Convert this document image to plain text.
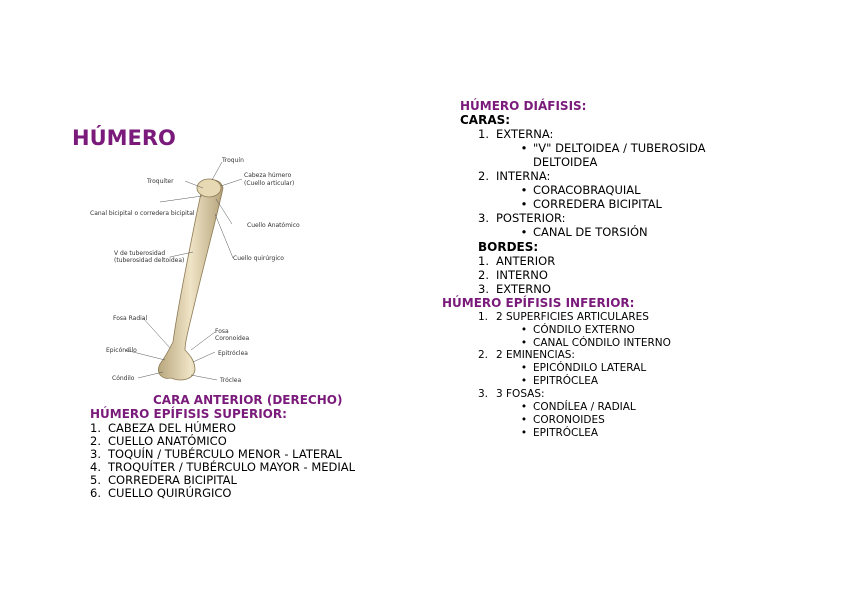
HÚMERO
Troquín
Troquíter
Cabeza húmero
(Cuello articular)
Canal bicipital o corredera bicipital
Cuello Anatómico
V de tuberosidad
(tuberosidad deltoidea)	Cuello quirúrgico
Fosa Radial
Fosa
Coronoidea
Epicóndilo	Epitróclea
Cóndilo	Tróclea
CARA ANTERIOR (DERECHO)
HÚMERO EPÍFISIS SUPERIOR:
1. CABEZA DEL HÚMERO
2. CUELLO ANATÓMICO
3. TOQUÍN / TUBÉRCULO MENOR - LATERAL
4. TROQUÍTER / TUBÉRCULO MAYOR - MEDIAL
5. CORREDERA BICIPITAL
6. CUELLO QUIRÚRGICO
HÚMERO DIÁFISIS:
CARAS:
1. EXTERNA:
• "V" DELTOIDEA / TUBEROSIDA
DELTOIDEA
2. INTERNA:
• CORACOBRAQUIAL
• CORREDERA BICIPITAL
3. POSTERIOR:
• CANAL DE TORSIÓN
BORDES:
1. ANTERIOR
2. INTERNO
3. EXTERNO
HÚMERO EPÍFISIS INFERIOR:
1. 2 SUPERFICIES ARTICULARES
• CÓNDILO EXTERNO
• CANAL CÓNDILO INTERNO
2. 2 EMINENCIAS:
• EPICÓNDILO LATERAL
• EPITRÓCLEA
3. 3 FOSAS:
• CONDÍLEA / RADIAL
• CORONOIDES
• EPITRÓCLEA
